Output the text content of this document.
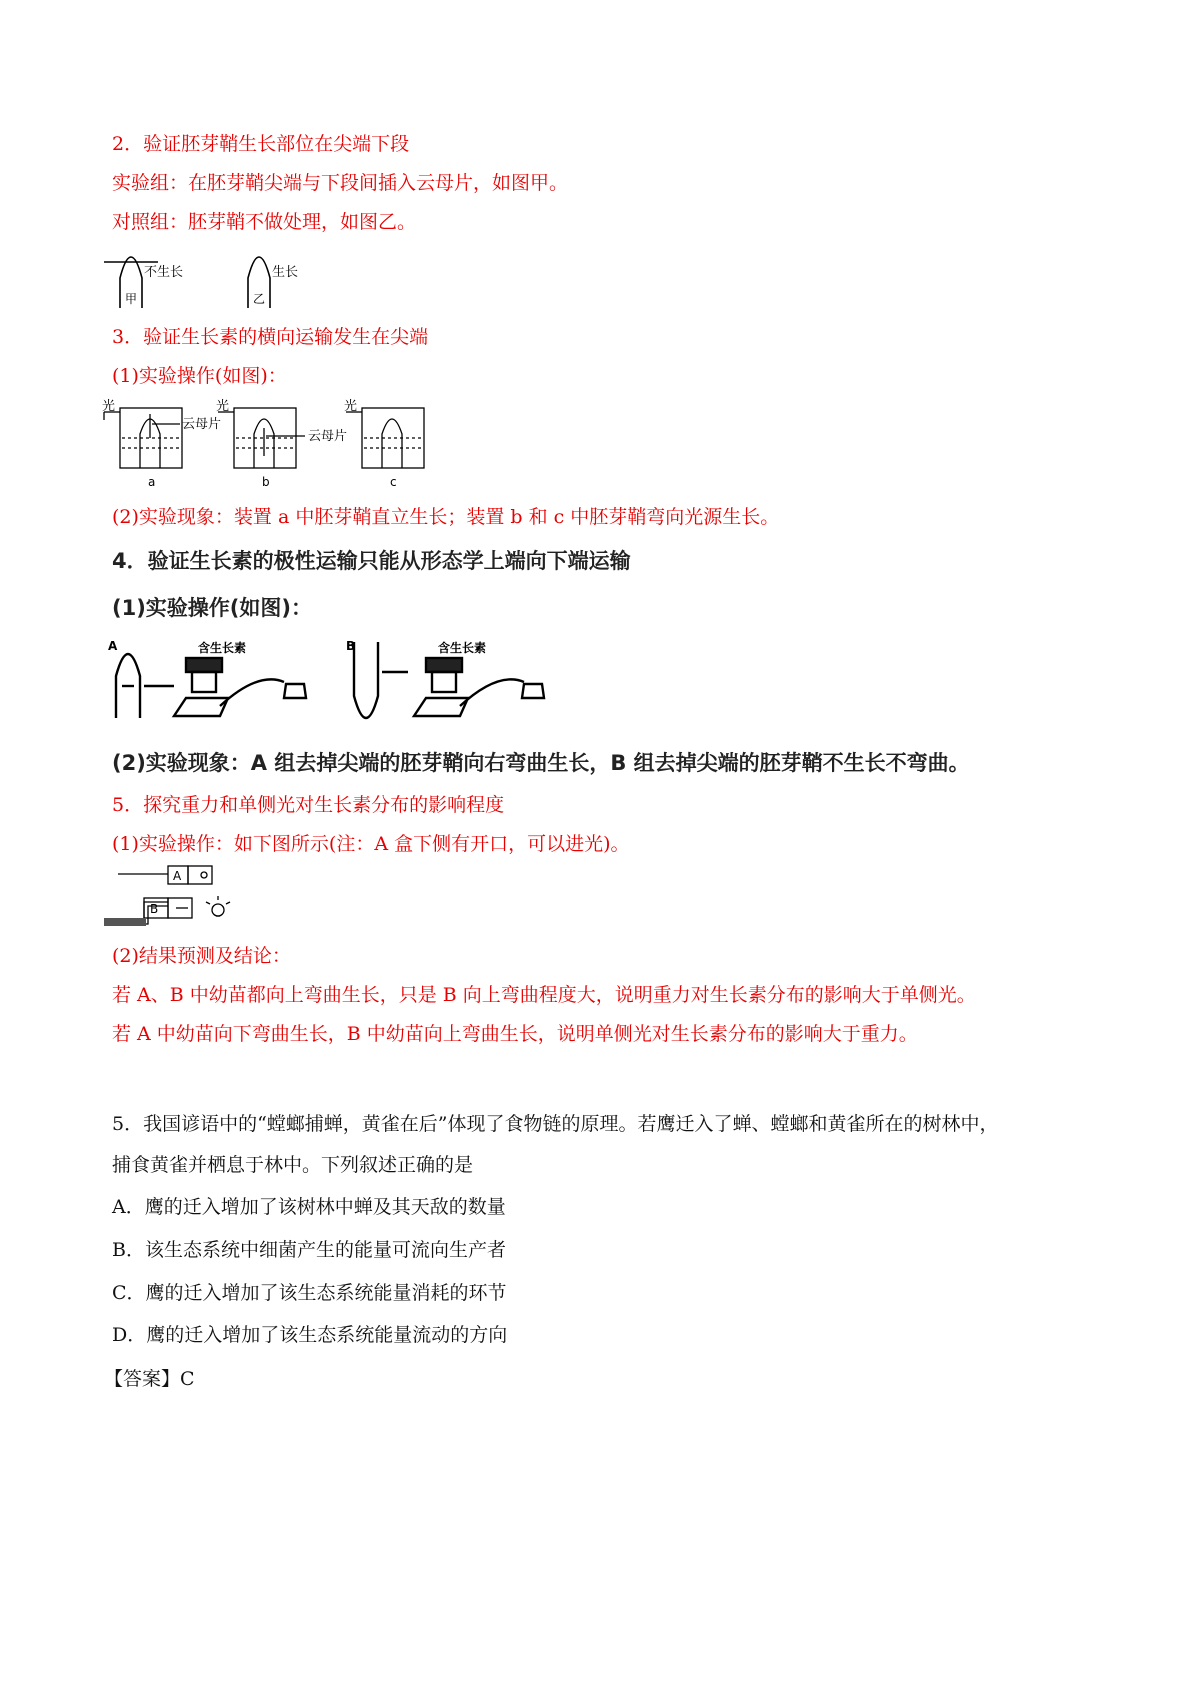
2．验证胚芽鞘生长部位在尖端下段
实验组：在胚芽鞘尖端与下段间插入云母片，如图甲。
对照组：胚芽鞘不做处理，如图乙。
不生长	生长
甲	乙
3．验证生长素的横向运输发生在尖端
(1)实验操作(如图)：
光	光	光
云母片
云母片
a	b	c
(2)实验现象：装置 a 中胚芽鞘直立生长；装置 b 和 c 中胚芽鞘弯向光源生长。
4．验证生长素的极性运输只能从形态学上端向下端运输
(1)实验操作(如图)：
A	B
含生长素	含生长素
(2)实验现象：A 组去掉尖端的胚芽鞘向右弯曲生长，B 组去掉尖端的胚芽鞘不生长不弯曲。
5．探究重力和单侧光对生长素分布的影响程度
(1)实验操作：如下图所示(注：A 盒下侧有开口，可以进光)。
A
B
(2)结果预测及结论：
若 A、B 中幼苗都向上弯曲生长，只是 B 向上弯曲程度大，说明重力对生长素分布的影响大于单侧光。
若 A 中幼苗向下弯曲生长，B 中幼苗向上弯曲生长，说明单侧光对生长素分布的影响大于重力。
5．我国谚语中的“螳螂捕蝉，黄雀在后”体现了食物链的原理。若鹰迁入了蝉、螳螂和黄雀所在的树林中，
捕食黄雀并栖息于林中。下列叙述正确的是
A．鹰的迁入增加了该树林中蝉及其天敌的数量
B．该生态系统中细菌产生的能量可流向生产者
C．鹰的迁入增加了该生态系统能量消耗的环节
D．鹰的迁入增加了该生态系统能量流动的方向
【答案】C
